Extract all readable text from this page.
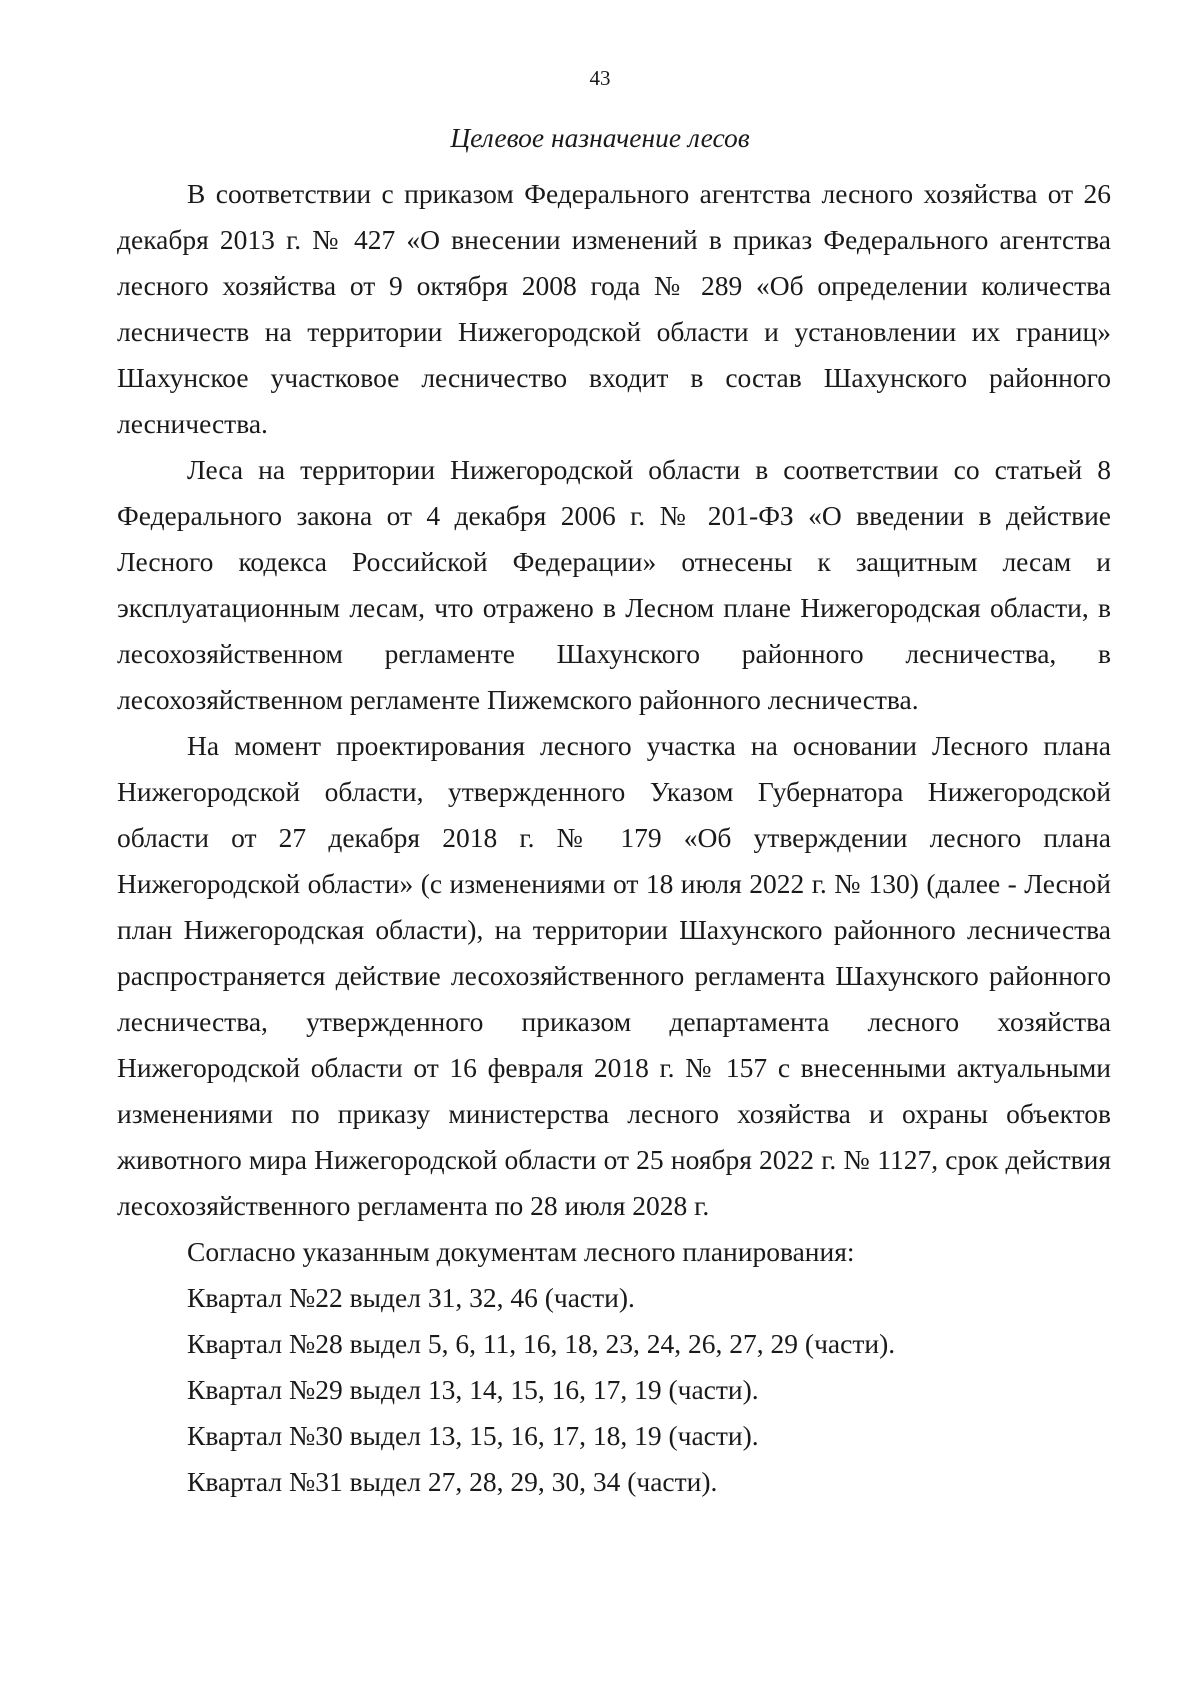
43
Целевое назначение лесов

В соответствии с приказом Федерального агентства лесного хозяйства от 26 декабря 2013 г. № 427 «О внесении изменений в приказ Федерального агентства лесного хозяйства от 9 октября 2008 года № 289 «Об определении количества лесничеств на территории Нижегородской области и установлении их границ» Шахунское участковое лесничество входит в состав Шахунского районного лесничества.

Леса на территории Нижегородской области в соответствии со статьей 8 Федерального закона от 4 декабря 2006 г. № 201-ФЗ «О введении в действие Лесного кодекса Российской Федерации» отнесены к защитным лесам и эксплуатационным лесам, что отражено в Лесном плане Нижегородская области, в лесохозяйственном регламенте Шахунского районного лесничества, в лесохозяйственном регламенте Пижемского районного лесничества.

На момент проектирования лесного участка на основании Лесного плана Нижегородской области, утвержденного Указом Губернатора Нижегородской области от 27 декабря 2018 г. № 179 «Об утверждении лесного плана Нижегородской области» (с изменениями от 18 июля 2022 г. № 130) (далее - Лесной план Нижегородская области), на территории Шахунского районного лесничества распространяется действие лесохозяйственного регламента Шахунского районного лесничества, утвержденного приказом департамента лесного хозяйства Нижегородской области от 16 февраля 2018 г. № 157 с внесенными актуальными изменениями по приказу министерства лесного хозяйства и охраны объектов животного мира Нижегородской области от 25 ноября 2022 г. № 1127, срок действия лесохозяйственного регламента по 28 июля 2028 г.

Согласно указанным документам лесного планирования:

Квартал №22 выдел 31, 32, 46 (части).

Квартал №28 выдел 5, 6, 11, 16, 18, 23, 24, 26, 27, 29 (части).

Квартал №29 выдел 13, 14, 15, 16, 17, 19 (части).

Квартал №30 выдел 13, 15, 16, 17, 18, 19 (части).

Квартал №31 выдел 27, 28, 29, 30, 34 (части).
